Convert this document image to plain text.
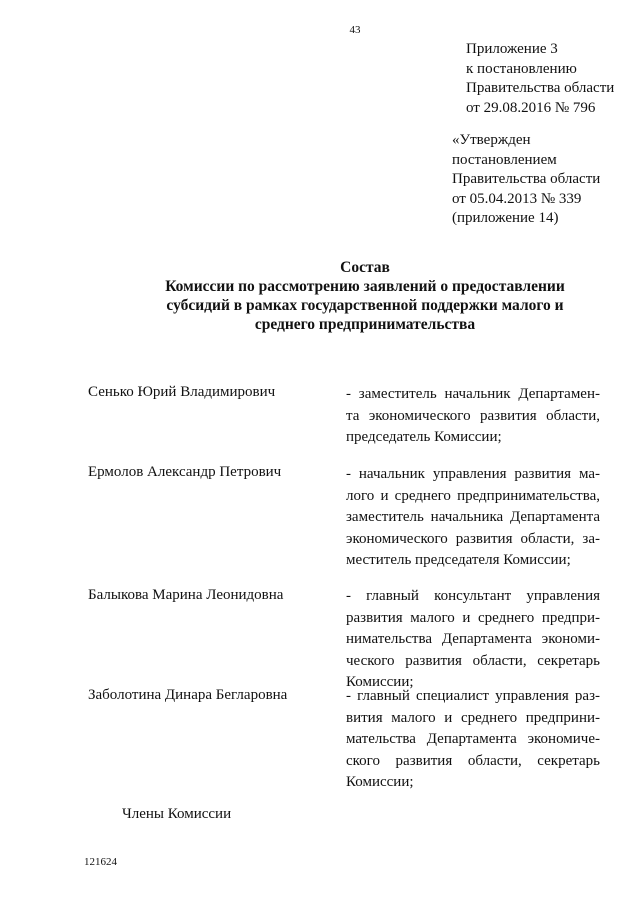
43
Приложение 3
к постановлению
Правительства области
от 29.08.2016 № 796
«Утвержден
постановлением
Правительства области
от 05.04.2013 № 339
(приложение 14)
Состав
Комиссии по рассмотрению заявлений о предоставлении
субсидий в рамках государственной поддержки малого и
среднего предпринимательства
Сенько Юрий Владимирович	- заместитель начальник Департамен-
та экономического развития области,
председатель Комиссии;
Ермолов Александр Петрович	- начальник управления развития ма-
лого и среднего предпринимательства,
заместитель начальника Департамента
экономического развития области, за-
меститель председателя Комиссии;
Балыкова Марина Леонидовна	- главный консультант управления
развития малого и среднего предпри-
нимательства Департамента экономи-
ческого развития области, секретарь
Комиссии;
Заболотина Динара Бегларовна	- главный специалист управления раз-
вития малого и среднего предприни-
мательства Департамента экономиче-
ского развития области, секретарь
Комиссии;
Члены Комиссии
121624
